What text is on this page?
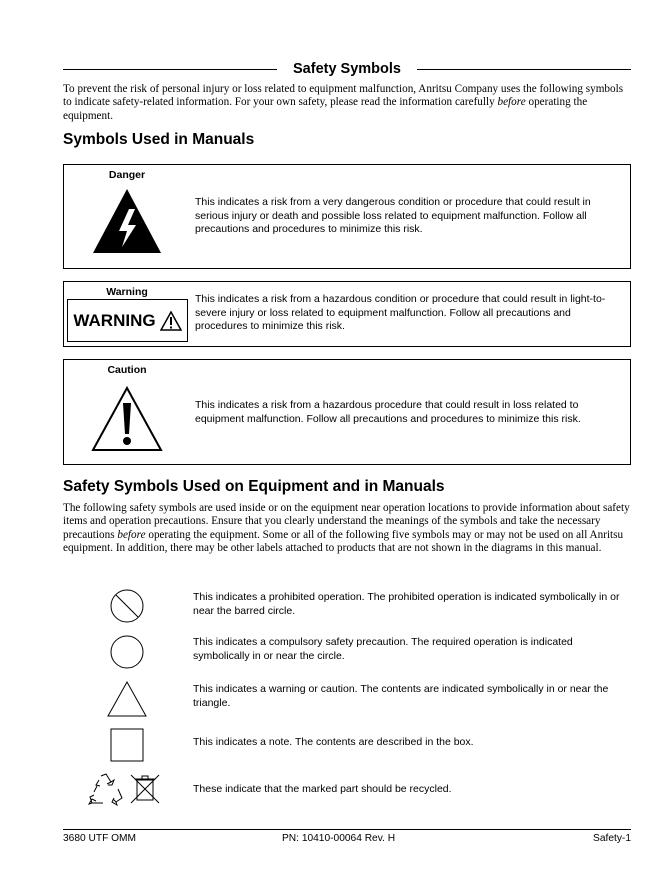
Safety Symbols
To prevent the risk of personal injury or loss related to equipment malfunction, Anritsu Company uses the following symbols to indicate safety-related information. For your own safety, please read the information carefully before operating the equipment.
Symbols Used in Manuals
Danger
This indicates a risk from a very dangerous condition or procedure that could result in serious injury or death and possible loss related to equipment malfunction. Follow all precautions and procedures to minimize this risk.
Warning
WARNING
This indicates a risk from a hazardous condition or procedure that could result in light-to-severe injury or loss related to equipment malfunction. Follow all precautions and procedures to minimize this risk.
Caution
This indicates a risk from a hazardous procedure that could result in loss related to equipment malfunction. Follow all precautions and procedures to minimize this risk.
Safety Symbols Used on Equipment and in Manuals
The following safety symbols are used inside or on the equipment near operation locations to provide information about safety items and operation precautions. Ensure that you clearly understand the meanings of the symbols and take the necessary precautions before operating the equipment. Some or all of the following five symbols may or may not be used on all Anritsu equipment. In addition, there may be other labels attached to products that are not shown in the diagrams in this manual.
This indicates a prohibited operation. The prohibited operation is indicated symbolically in or near the barred circle.
This indicates a compulsory safety precaution. The required operation is indicated symbolically in or near the circle.
This indicates a warning or caution. The contents are indicated symbolically in or near the triangle.
This indicates a note. The contents are described in the box.
These indicate that the marked part should be recycled.
3680 UTF OMM	PN: 10410-00064 Rev. H	Safety-1
